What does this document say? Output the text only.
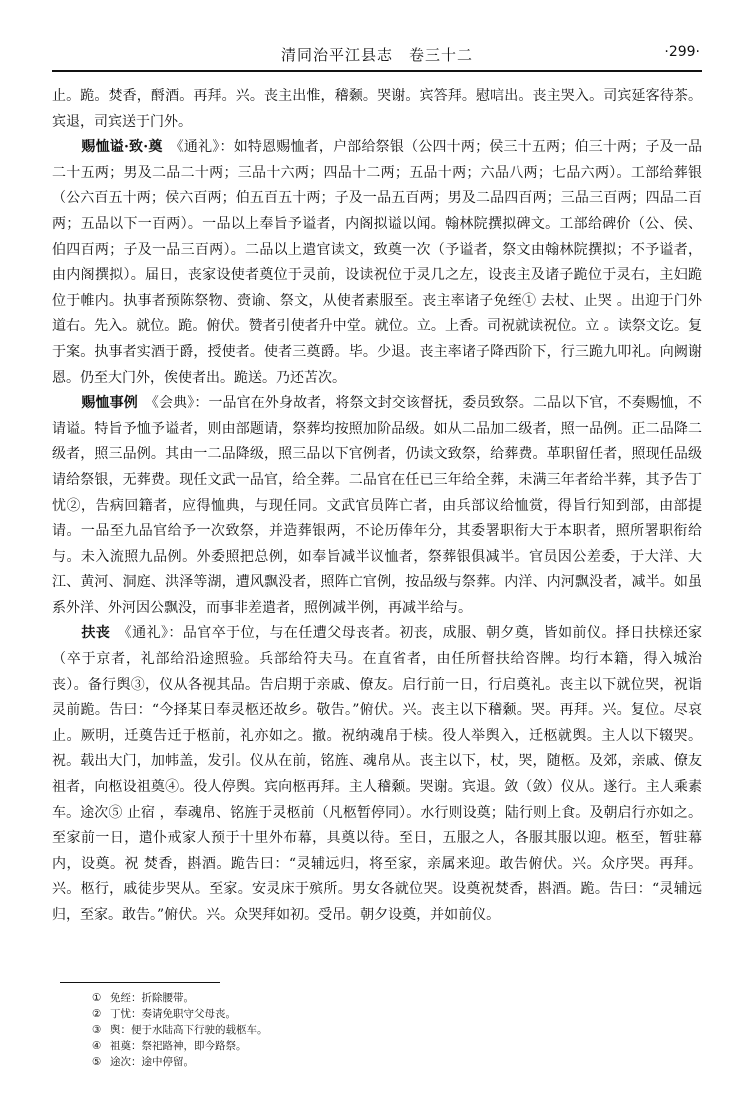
清同治平江县志　卷三十二	·299·

止。跪。焚香，酹酒。再拜。兴。丧主出惟，稽颡。哭谢。宾答拜。慰唁出。丧主哭入。司宾延客待茶。宾退，司宾送于门外。

赐恤谥·致·奠　 《通礼》：如特恩赐恤者，户部给祭银（公四十两；侯三十五两；伯三十两；子及一品二十五两；男及二品二十两；三品十六两；四品十二两；五品十两；六品八两；七品六两）。工部给葬银（公六百五十两；侯六百两；伯五百五十两；子及一品五百两；男及二品四百两；三品三百两；四品二百两；五品以下一百两）。一品以上奉旨予谥者，内阁拟谥以闻。翰林院撰拟碑文。工部给碑价（公、侯、伯四百两；子及一品三百两）。二品以上遣官读文，致奠一次（予谥者，祭文由翰林院撰拟；不予谥者，由内阁撰拟）。届日，丧家设使者奠位于灵前，设读祝位于灵几之左，设丧主及诸子跪位于灵右，主妇跪位于帷内。执事者预陈祭物、赍谕、祭文，从使者素服至。丧主率诸子免绖① 去杖、止哭 。出迎于门外道右。先入。就位。跪。俯伏。赞者引使者升中堂。就位。立。上香。司祝就读祝位。立 。读祭文讫。复于案。执事者实酒于爵，授使者。使者三奠爵。毕。少退。丧主率诸子降西阶下，行三跪九叩礼。向阙谢恩。仍至大门外，俟使者出。跪送。乃还苫次。

赐恤事例　 《会典》：一品官在外身故者，将祭文封交该督抚，委员致祭。二品以下官，不奏赐恤，不请谥。特旨予恤予谥者，则由部题请，祭葬均按照加阶品级。如从二品加二级者，照一品例。正二品降二级者，照三品例。其由一二品降级，照三品以下官例者，仍读文致祭，给葬费。革职留任者，照现任品级请给祭银，无葬费。现任文武一品官，给全葬。二品官在任已三年给全葬，未满三年者给半葬，其予告丁忧②，告病回籍者，应得恤典，与现任同。文武官员阵亡者，由兵部议给恤赏，得旨行知到部，由部提请。一品至九品官给予一次致祭，并造葬银两，不论历俸年分，其委署职衔大于本职者，照所署职衔给与。未入流照九品例。外委照把总例，如奉旨减半议恤者，祭葬银俱减半。官员因公差委，于大洋、大江、黄河、洞庭、洪泽等湖，遭风飘没者，照阵亡官例，按品级与祭葬。内洋、内河飘没者，减半。如虽系外洋、外河因公飘没，而事非差遣者，照例减半例，再减半给与。

扶丧　 《通礼》：品官卒于位，与在任遭父母丧者。初丧，成服、朝夕奠，皆如前仪。择日扶榇还家（卒于京者，礼部给沿途照验。兵部给符夫马。在直省者，由任所督扶给咨牌。均行本籍，得入城治丧）。备行舆③，仪从各视其品。告启期于亲戚、僚友。启行前一日，行启奠礼。丧主以下就位哭，祝诣灵前跪。告曰：“今择某日奉灵柩还故乡。敬告。”俯伏。兴。丧主以下稽颡。哭。再拜。兴。复位。尽哀止。厥明，迁奠告迁于柩前，礼亦如之。撤。祝纳魂帛于椟。役人举舆入，迁柩就舆。主人以下辍哭。祝。载出大门，加帏盖，发引。仪从在前，铭旌、魂帛从。丧主以下，杖，哭，随柩。及郊，亲戚、僚友祖者，向柩设祖奠④。役人停舆。宾向柩再拜。主人稽颡。哭谢。宾退。敛（敛）仪从。遂行。主人乘素车。途次⑤ 止宿 ，奉魂帛、铭旌于灵柩前（凡柩暂停同）。水行则设奠；陆行则上食。及朝启行亦如之。至家前一日，遣仆戒家人预于十里外布幕，具奠以待。至日，五服之人，各服其服以迎。柩至，暂驻幕内，设奠。祝 焚香，斟酒。跪告曰：“灵辅远归，将至家，亲属来迎。敢告俯伏。兴。众序哭。再拜。兴。柩行，戚徒步哭从。至家。安灵床于殡所。男女各就位哭。设奠祝焚香，斟酒。跪。告曰：“灵辅远归，至家。敢告。”俯伏。兴。众哭拜如初。受吊。朝夕设奠，并如前仪。

① 免绖：折除腰带。
② 丁忧：奏请免职守父母丧。
③ 舆：便于水陆高下行驶的载柩车。
④ 祖奠：祭祀路神，即今路祭。
⑤ 途次：途中停留。
